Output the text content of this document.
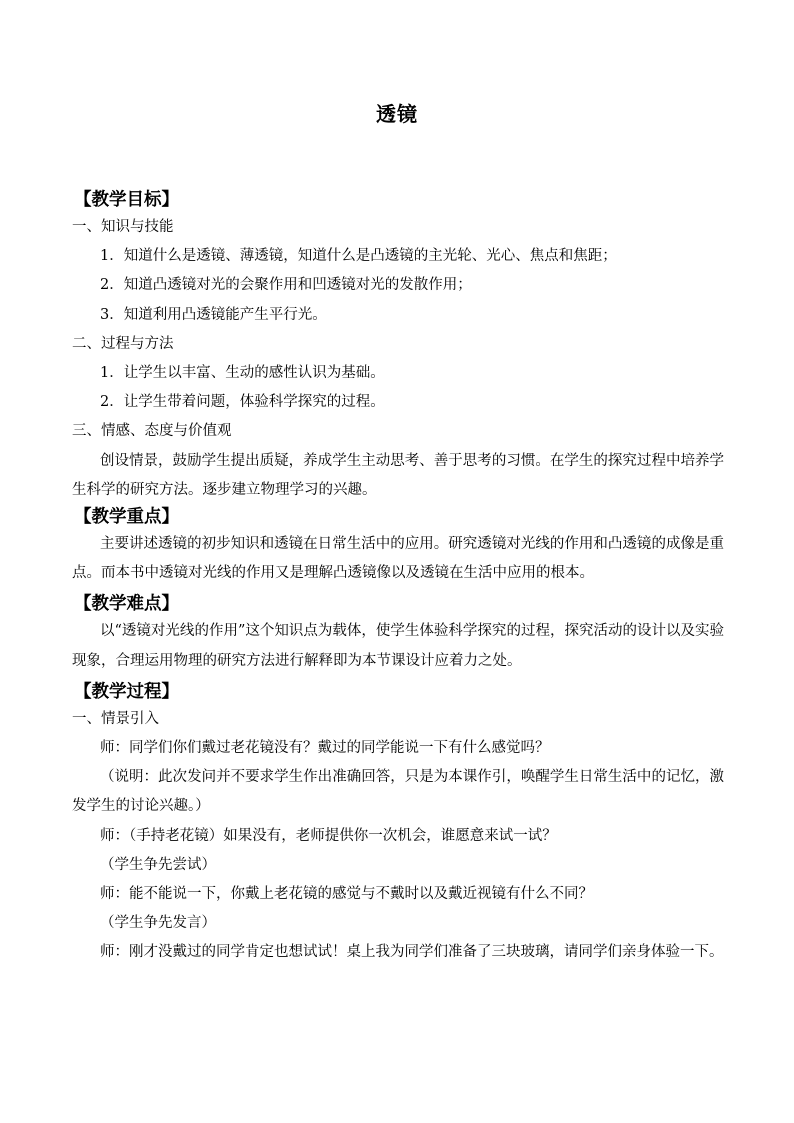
透镜
【教学目标】
一、知识与技能
1．知道什么是透镜、薄透镜，知道什么是凸透镜的主光轮、光心、焦点和焦距；
2．知道凸透镜对光的会聚作用和凹透镜对光的发散作用；
3．知道利用凸透镜能产生平行光。
二、过程与方法
1．让学生以丰富、生动的感性认识为基础。
2．让学生带着问题，体验科学探究的过程。
三、情感、态度与价值观

创设情景，鼓励学生提出质疑，养成学生主动思考、善于思考的习惯。在学生的探究过程中培养学生科学的研究方法。逐步建立物理学习的兴趣。

【教学重点】

主要讲述透镜的初步知识和透镜在日常生活中的应用。研究透镜对光线的作用和凸透镜的成像是重点。而本书中透镜对光线的作用又是理解凸透镜像以及透镜在生活中应用的根本。

【教学难点】

以“透镜对光线的作用”这个知识点为载体，使学生体验科学探究的过程，探究活动的设计以及实验现象，合理运用物理的研究方法进行解释即为本节课设计应着力之处。

【教学过程】
一、情景引入

师：同学们你们戴过老花镜没有？戴过的同学能说一下有什么感觉吗？

（说明：此次发问并不要求学生作出准确回答，只是为本课作引，唤醒学生日常生活中的记忆，激发学生的讨论兴趣。）

师：（手持老花镜）如果没有，老师提供你一次机会，谁愿意来试一试？

（学生争先尝试）

师：能不能说一下，你戴上老花镜的感觉与不戴时以及戴近视镜有什么不同？

（学生争先发言）

师：刚才没戴过的同学肯定也想试试！桌上我为同学们准备了三块玻璃，请同学们亲身体验一下。
